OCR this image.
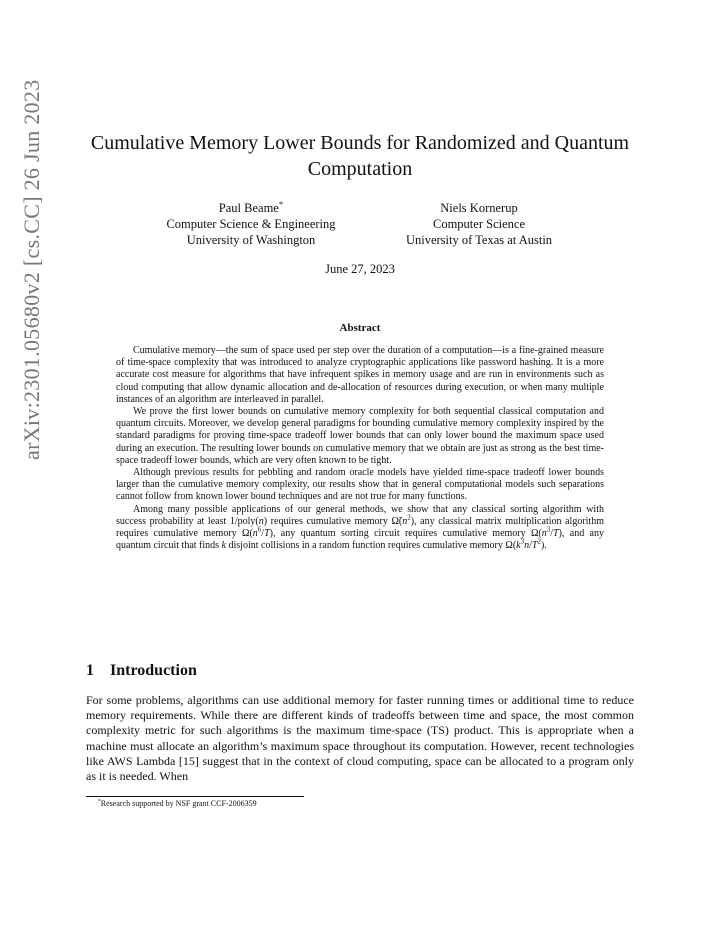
arXiv:2301.05680v2 [cs.CC] 26 Jun 2023	Cumulative Memory Lower Bounds for Randomized and Quantum
Computation
Paul Beame*
Computer Science & Engineering
University of Washington
Niels Kornerup
Computer Science
University of Texas at Austin
June 27, 2023
Abstract

Cumulative memory—the sum of space used per step over the duration of a computation—is a fine-grained measure of time-space complexity that was introduced to analyze cryptographic applications like password hashing. It is a more accurate cost measure for algorithms that have infrequent spikes in memory usage and are run in environments such as cloud computing that allow dynamic allocation and de-allocation of resources during execution, or when many multiple instances of an algorithm are interleaved in parallel.

We prove the first lower bounds on cumulative memory complexity for both sequential classical computation and quantum circuits. Moreover, we develop general paradigms for bounding cumulative memory complexity inspired by the standard paradigms for proving time-space tradeoff lower bounds that can only lower bound the maximum space used during an execution. The resulting lower bounds on cumulative memory that we obtain are just as strong as the best time-space tradeoff lower bounds, which are very often known to be tight.

Although previous results for pebbling and random oracle models have yielded time-space tradeoff lower bounds larger than the cumulative memory complexity, our results show that in general computational models such separations cannot follow from known lower bound techniques and are not true for many functions.

Among many possible applications of our general methods, we show that any classical sorting algorithm with success probability at least 1/poly(n) requires cumulative memory $\Omegã(n^2)$, any classical matrix multiplication algorithm requires cumulative memory $\Omega(n^6/T)$, any quantum sorting circuit requires cumulative memory $\Omega(n^3/T)$, and any quantum circuit that finds k disjoint collisions in a random function requires cumulative memory $\Omega(k^3n/T^2)$.

1 Introduction

For some problems, algorithms can use additional memory for faster running times or additional time to reduce memory requirements. While there are different kinds of tradeoffs between time and space, the most common complexity metric for such algorithms is the maximum time-space (TS) product. This is appropriate when a machine must allocate an algorithm’s maximum space throughout its computation. However, recent technologies like AWS Lambda [15] suggest that in the context of cloud computing, space can be allocated to a program only as it is needed. When

*Research supported by NSF grant CCF-2006359
